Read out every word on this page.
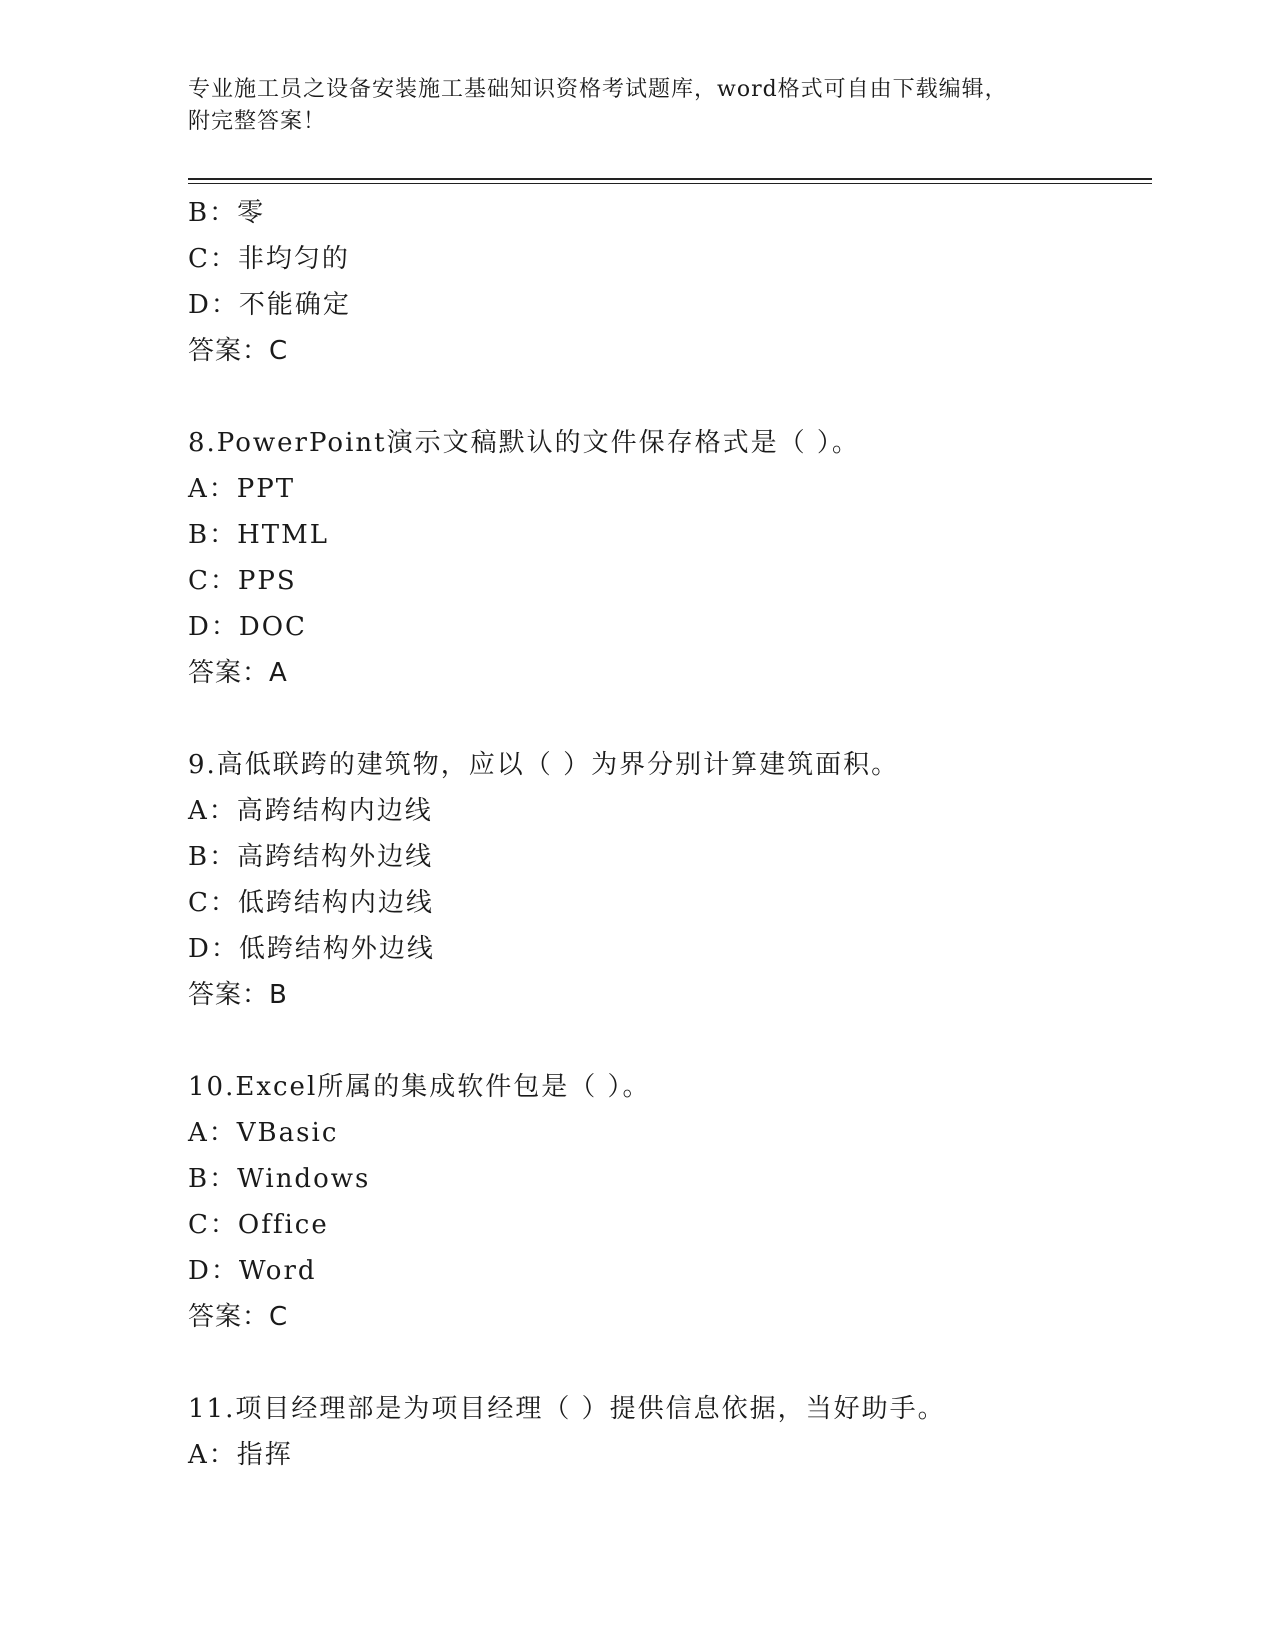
专业施工员之设备安装施工基础知识资格考试题库，word格式可自由下载编辑，
附完整答案！
B：零
C：非均匀的
D：不能确定
答案：C
8.PowerPoint演示文稿默认的文件保存格式是（ ）。
A：PPT
B：HTML
C：PPS
D：DOC
答案：A
9.高低联跨的建筑物，应以（ ）为界分别计算建筑面积。
A：高跨结构内边线
B：高跨结构外边线
C：低跨结构内边线
D：低跨结构外边线
答案：B
10.Excel所属的集成软件包是（ ）。
A：VBasic
B：Windows
C：Office
D：Word
答案：C
11.项目经理部是为项目经理（ ）提供信息依据，当好助手。
A：指挥
